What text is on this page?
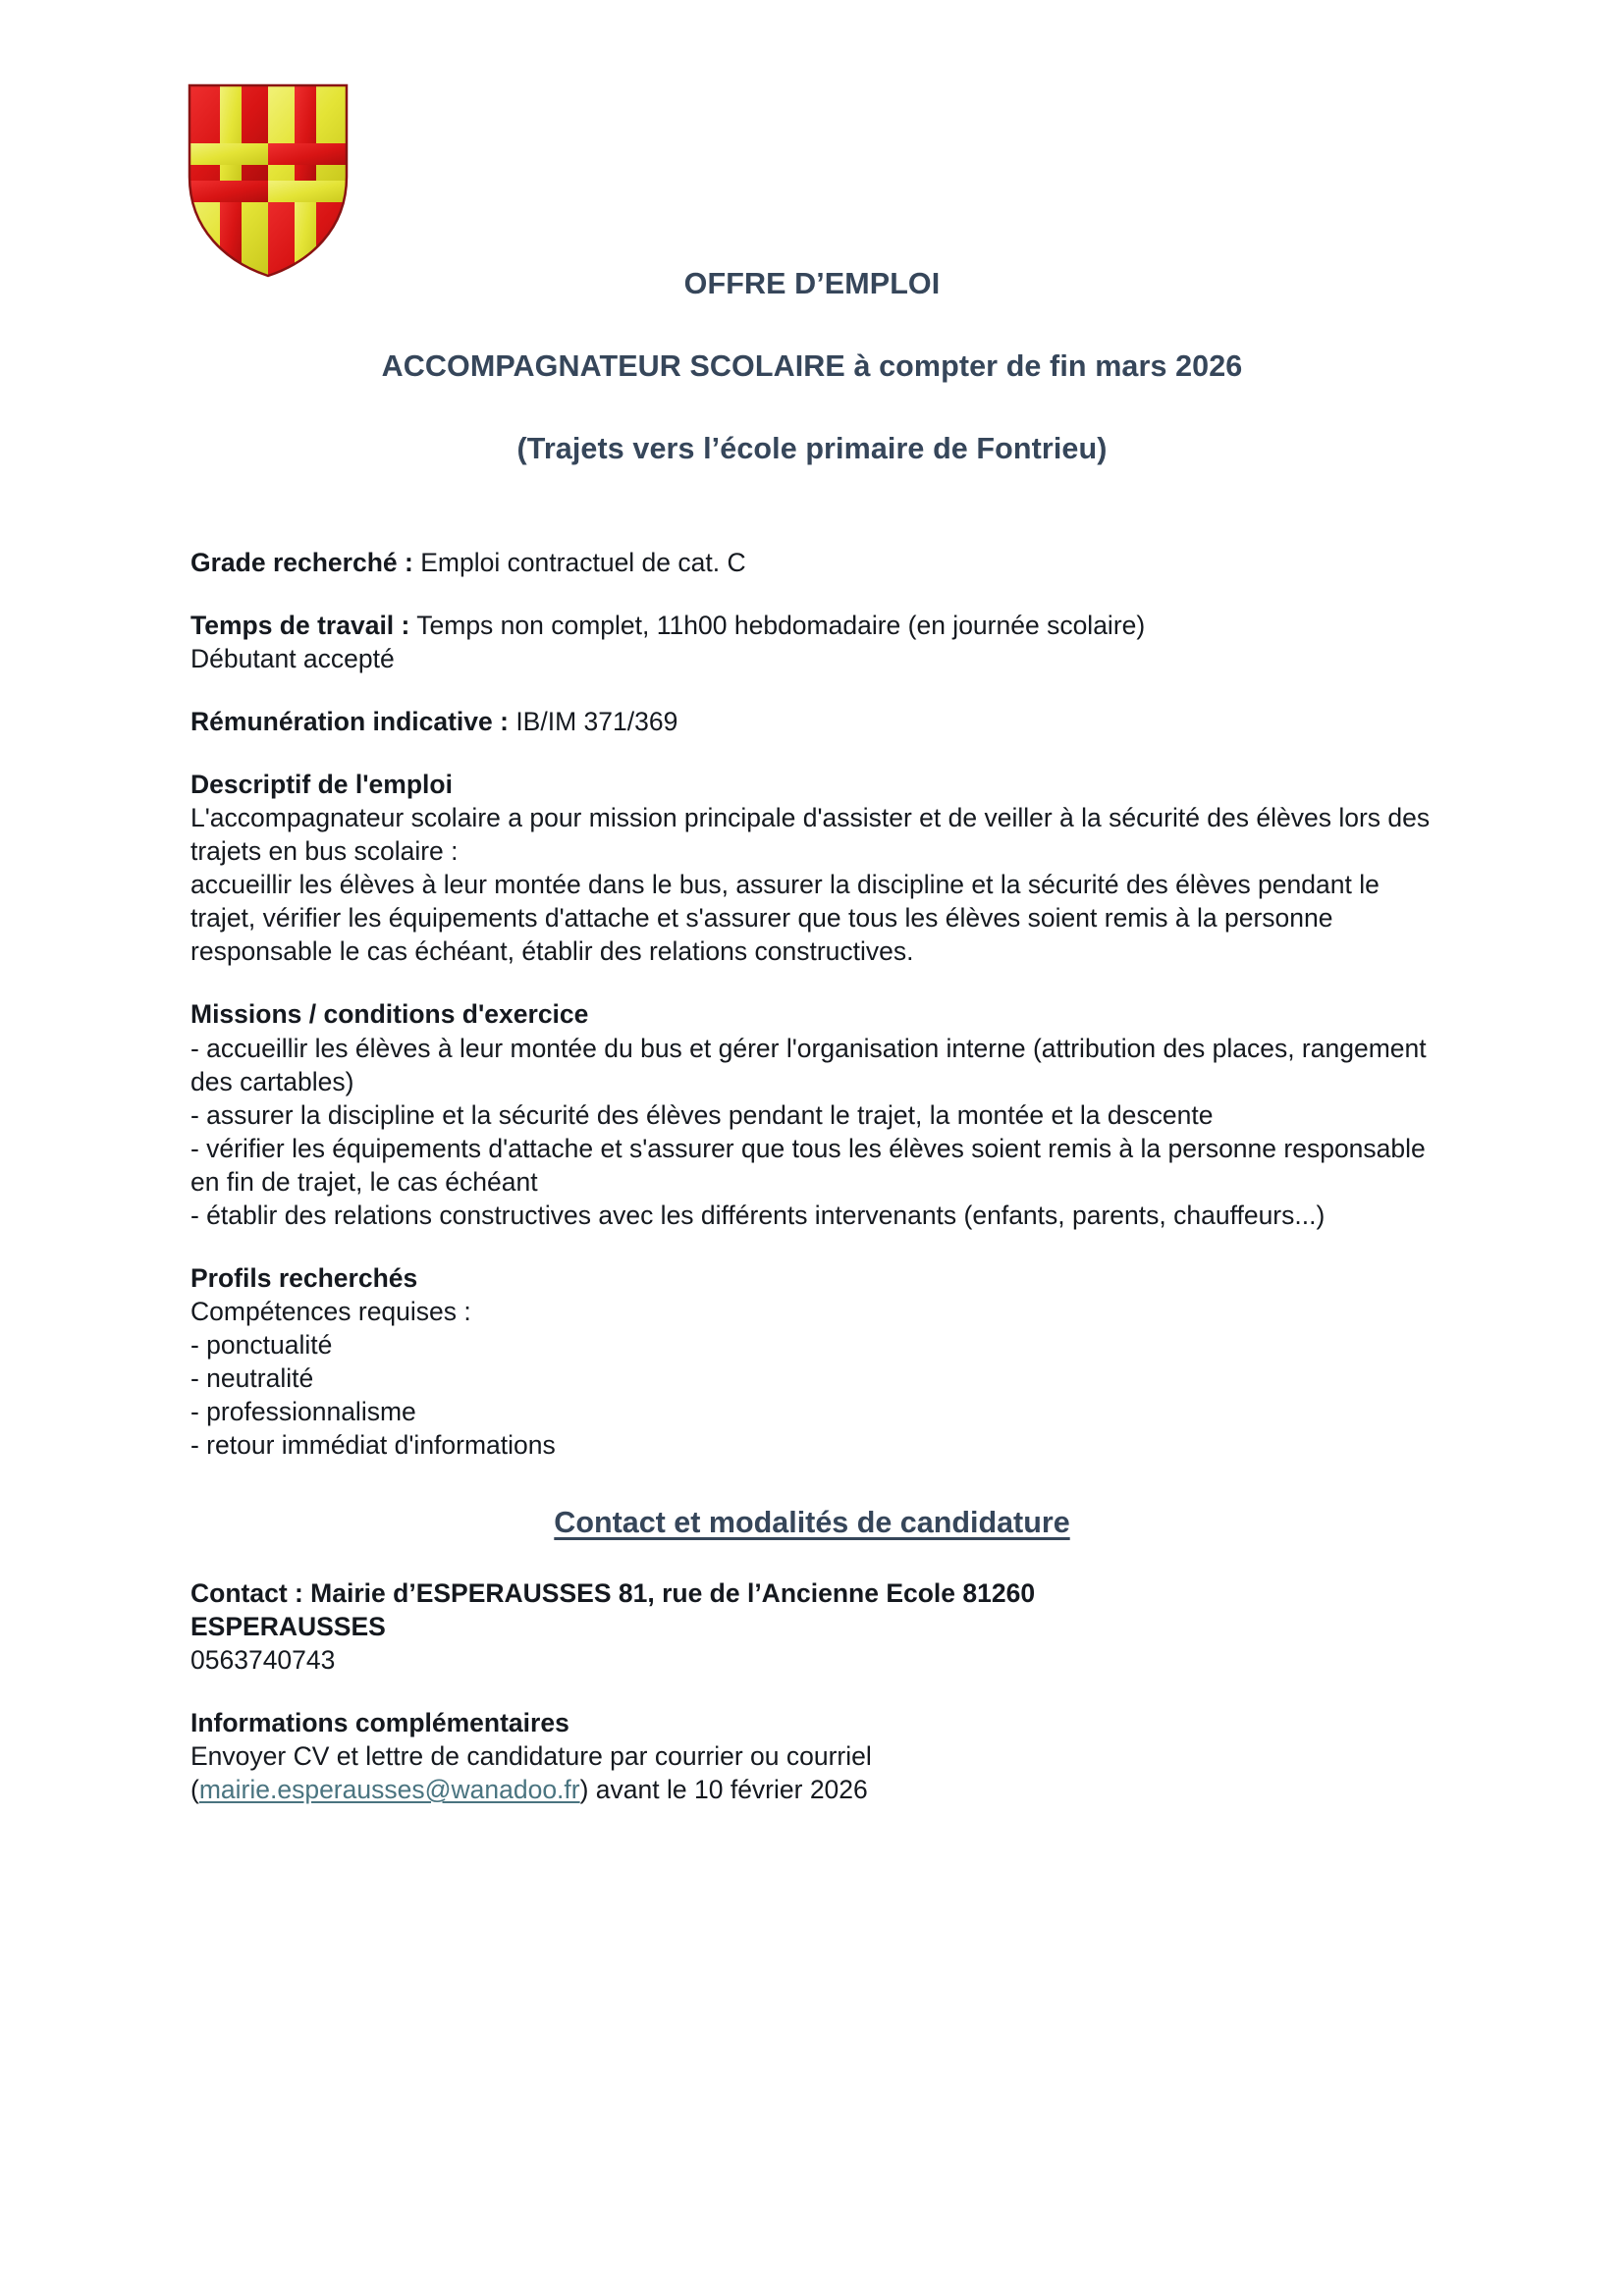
OFFRE D’EMPLOI
ACCOMPAGNATEUR SCOLAIRE à compter de fin mars 2026
(Trajets vers l’école primaire de Fontrieu)

Grade recherché : Emploi contractuel de cat. C

Temps de travail : Temps non complet, 11h00 hebdomadaire (en journée scolaire)
Débutant accepté

Rémunération indicative : IB/IM 371/369

Descriptif de l'emploi
L'accompagnateur scolaire a pour mission principale d'assister et de veiller à la sécurité des élèves lors des trajets en bus scolaire :
accueillir les élèves à leur montée dans le bus, assurer la discipline et la sécurité des élèves pendant le trajet, vérifier les équipements d'attache et s'assurer que tous les élèves soient remis à la personne responsable le cas échéant, établir des relations constructives.

Missions / conditions d'exercice
- accueillir les élèves à leur montée du bus et gérer l'organisation interne (attribution des places, rangement des cartables)
- assurer la discipline et la sécurité des élèves pendant le trajet, la montée et la descente
- vérifier les équipements d'attache et s'assurer que tous les élèves soient remis à la personne responsable en fin de trajet, le cas échéant
- établir des relations constructives avec les différents intervenants (enfants, parents, chauffeurs...)

Profils recherchés
Compétences requises :
- ponctualité
- neutralité
- professionnalisme
- retour immédiat d'informations

Contact et modalités de candidature

Contact : Mairie d’ESPERAUSSES 81, rue de l’Ancienne Ecole 81260
ESPERAUSSES
0563740743

Informations complémentaires
Envoyer CV et lettre de candidature par courrier ou courriel
(mairie.esperausses@wanadoo.fr) avant le 10 février 2026
